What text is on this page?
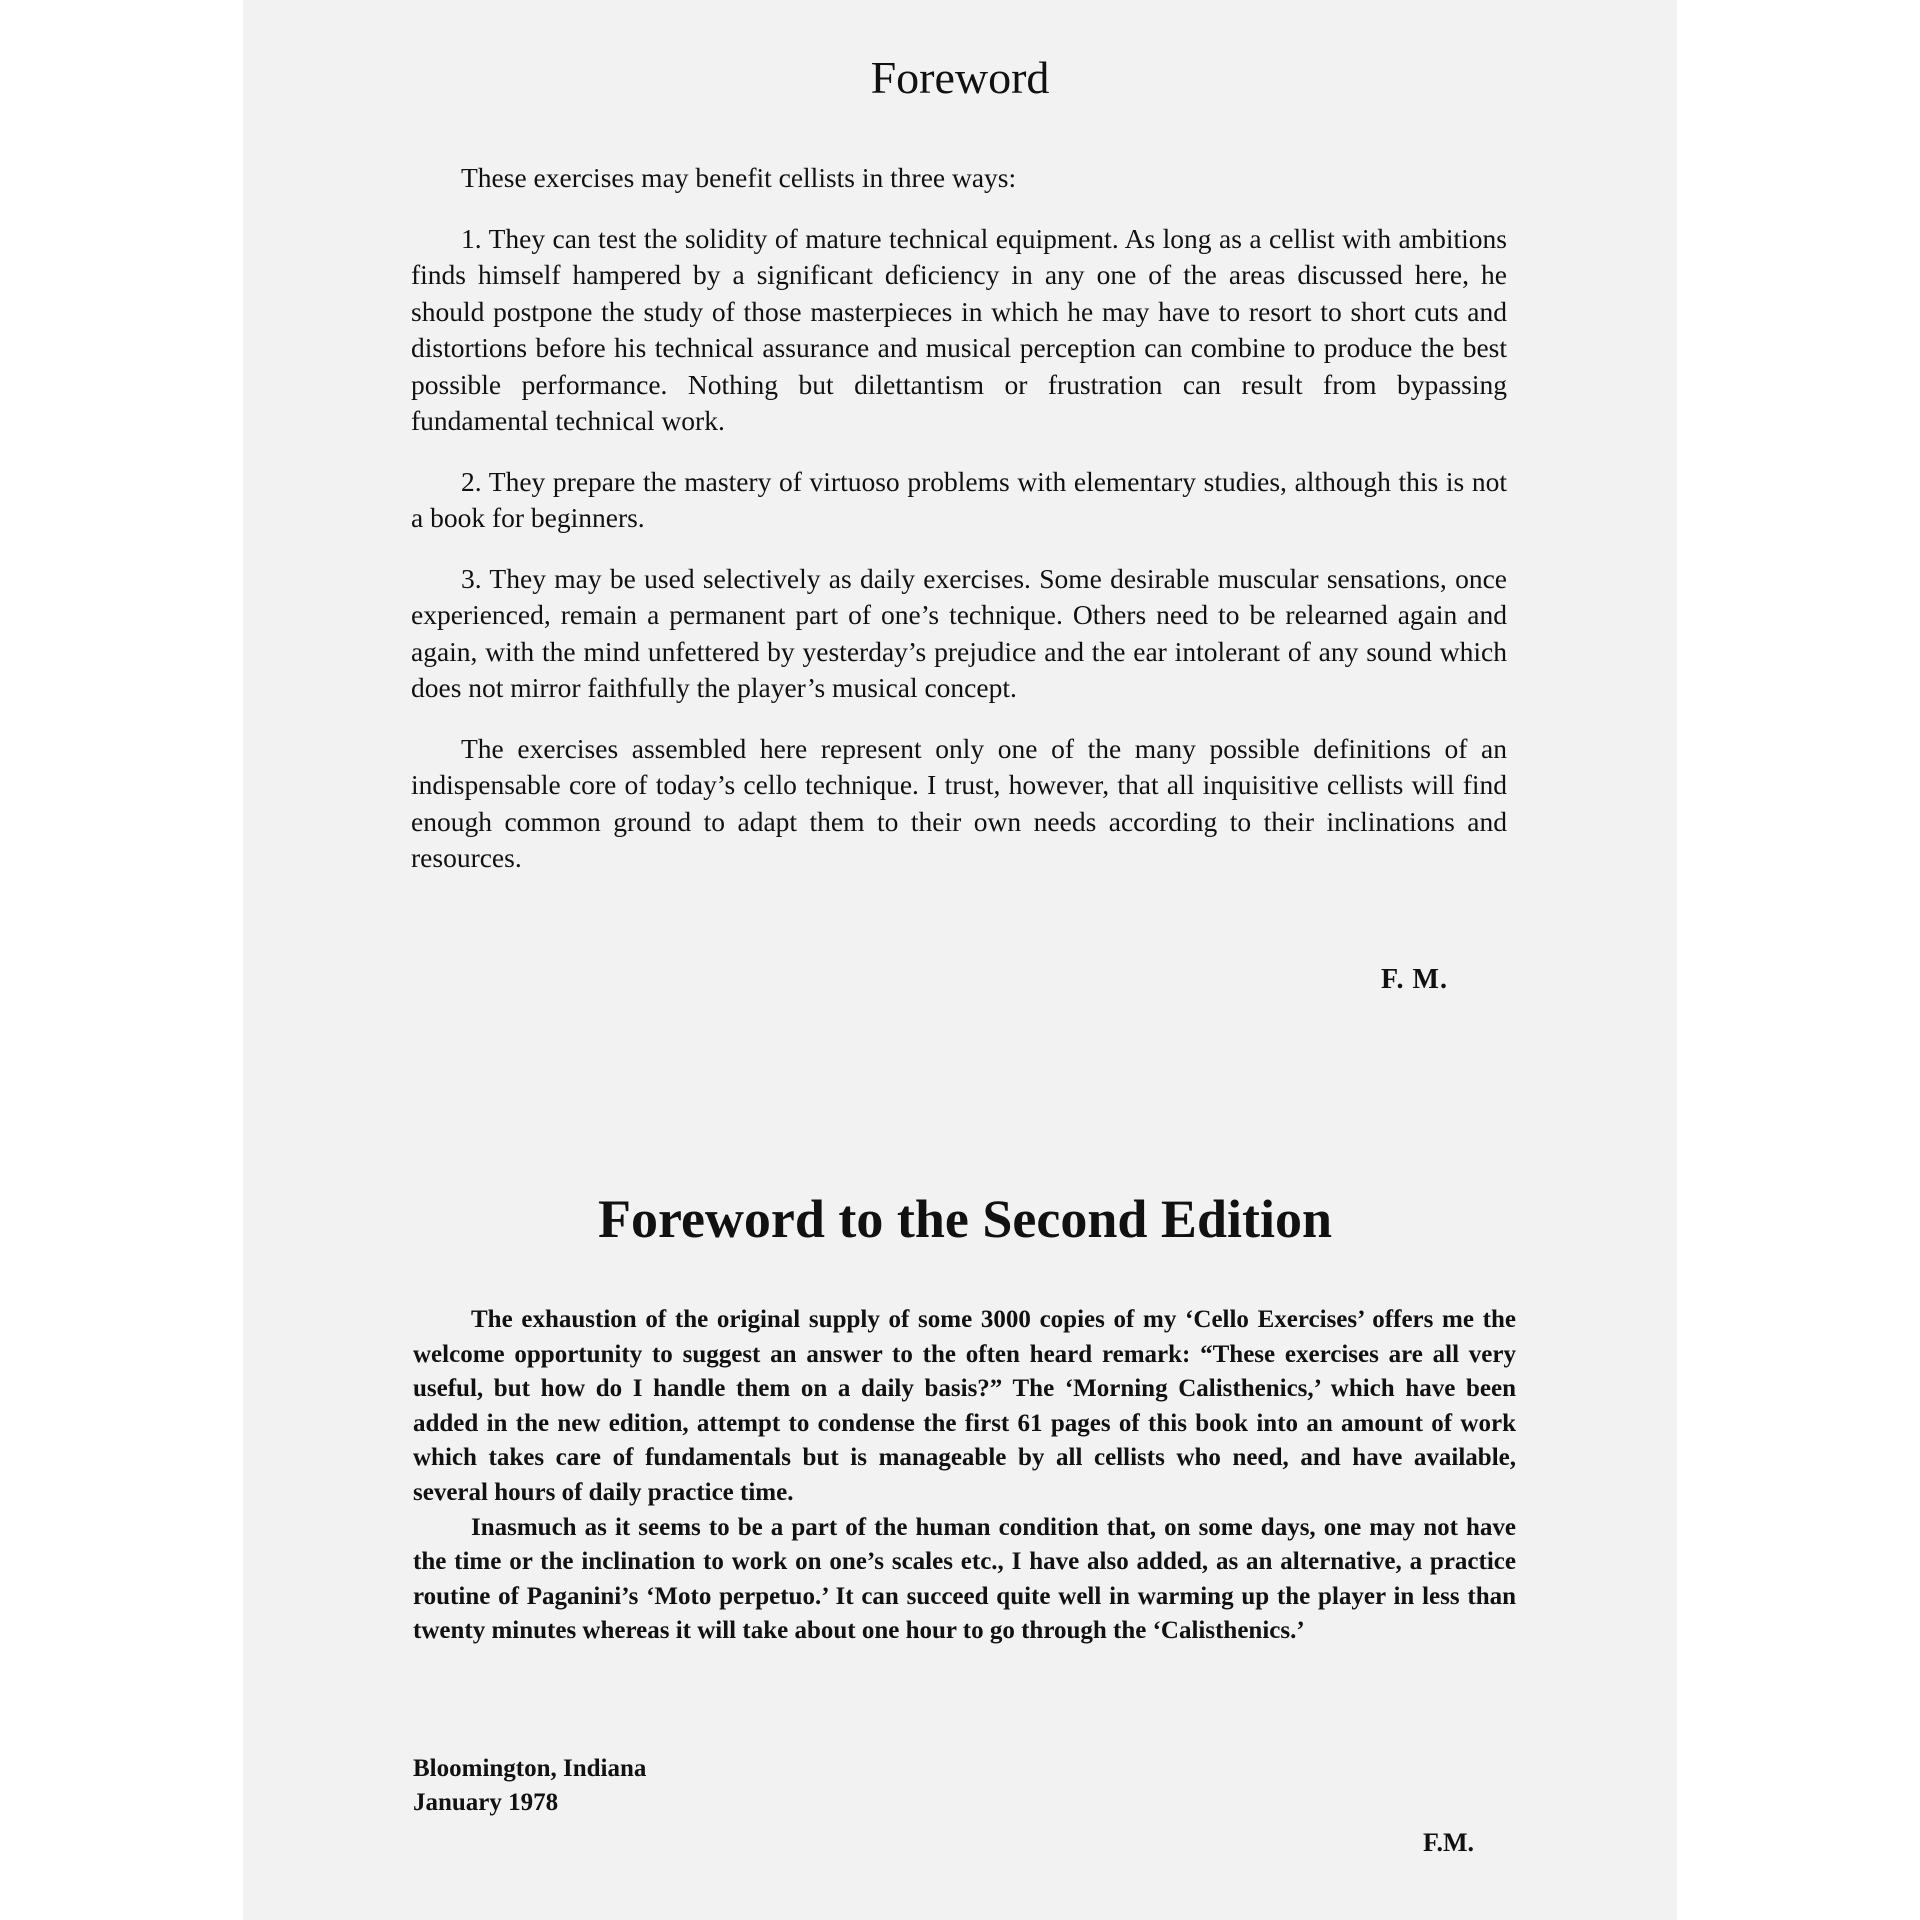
Foreword

These exercises may benefit cellists in three ways:

1. They can test the solidity of mature technical equipment. As long as a cellist with ambitions finds himself hampered by a significant deficiency in any one of the areas discussed here, he should postpone the study of those masterpieces in which he may have to resort to short cuts and distortions before his technical assurance and musical perception can combine to produce the best possible performance. Nothing but dilettantism or frustration can result from bypassing fundamental technical work.

2. They prepare the mastery of virtuoso problems with elementary studies, although this is not a book for beginners.

3. They may be used selectively as daily exercises. Some desirable muscular sensations, once experienced, remain a permanent part of one’s technique. Others need to be relearned again and again, with the mind unfettered by yesterday’s prejudice and the ear intolerant of any sound which does not mirror faithfully the player’s musical concept.

The exercises assembled here represent only one of the many possible definitions of an indispensable core of today’s cello technique. I trust, however, that all inquisitive cellists will find enough common ground to adapt them to their own needs according to their inclinations and resources.

F. M.
Foreword to the Second Edition

The exhaustion of the original supply of some 3000 copies of my ‘Cello Exercises’ offers me the welcome opportunity to suggest an answer to the often heard remark: “These exercises are all very useful, but how do I handle them on a daily basis?” The ‘Morning Calisthenics,’ which have been added in the new edition, attempt to condense the first 61 pages of this book into an amount of work which takes care of fundamentals but is manageable by all cellists who need, and have available, several hours of daily practice time.

Inasmuch as it seems to be a part of the human condition that, on some days, one may not have the time or the inclination to work on one’s scales etc., I have also added, as an alternative, a practice routine of Paganini’s ‘Moto perpetuo.’ It can succeed quite well in warming up the player in less than twenty minutes whereas it will take about one hour to go through the ‘Calisthenics.’

Bloomington, Indiana
January 1978
F.M.
